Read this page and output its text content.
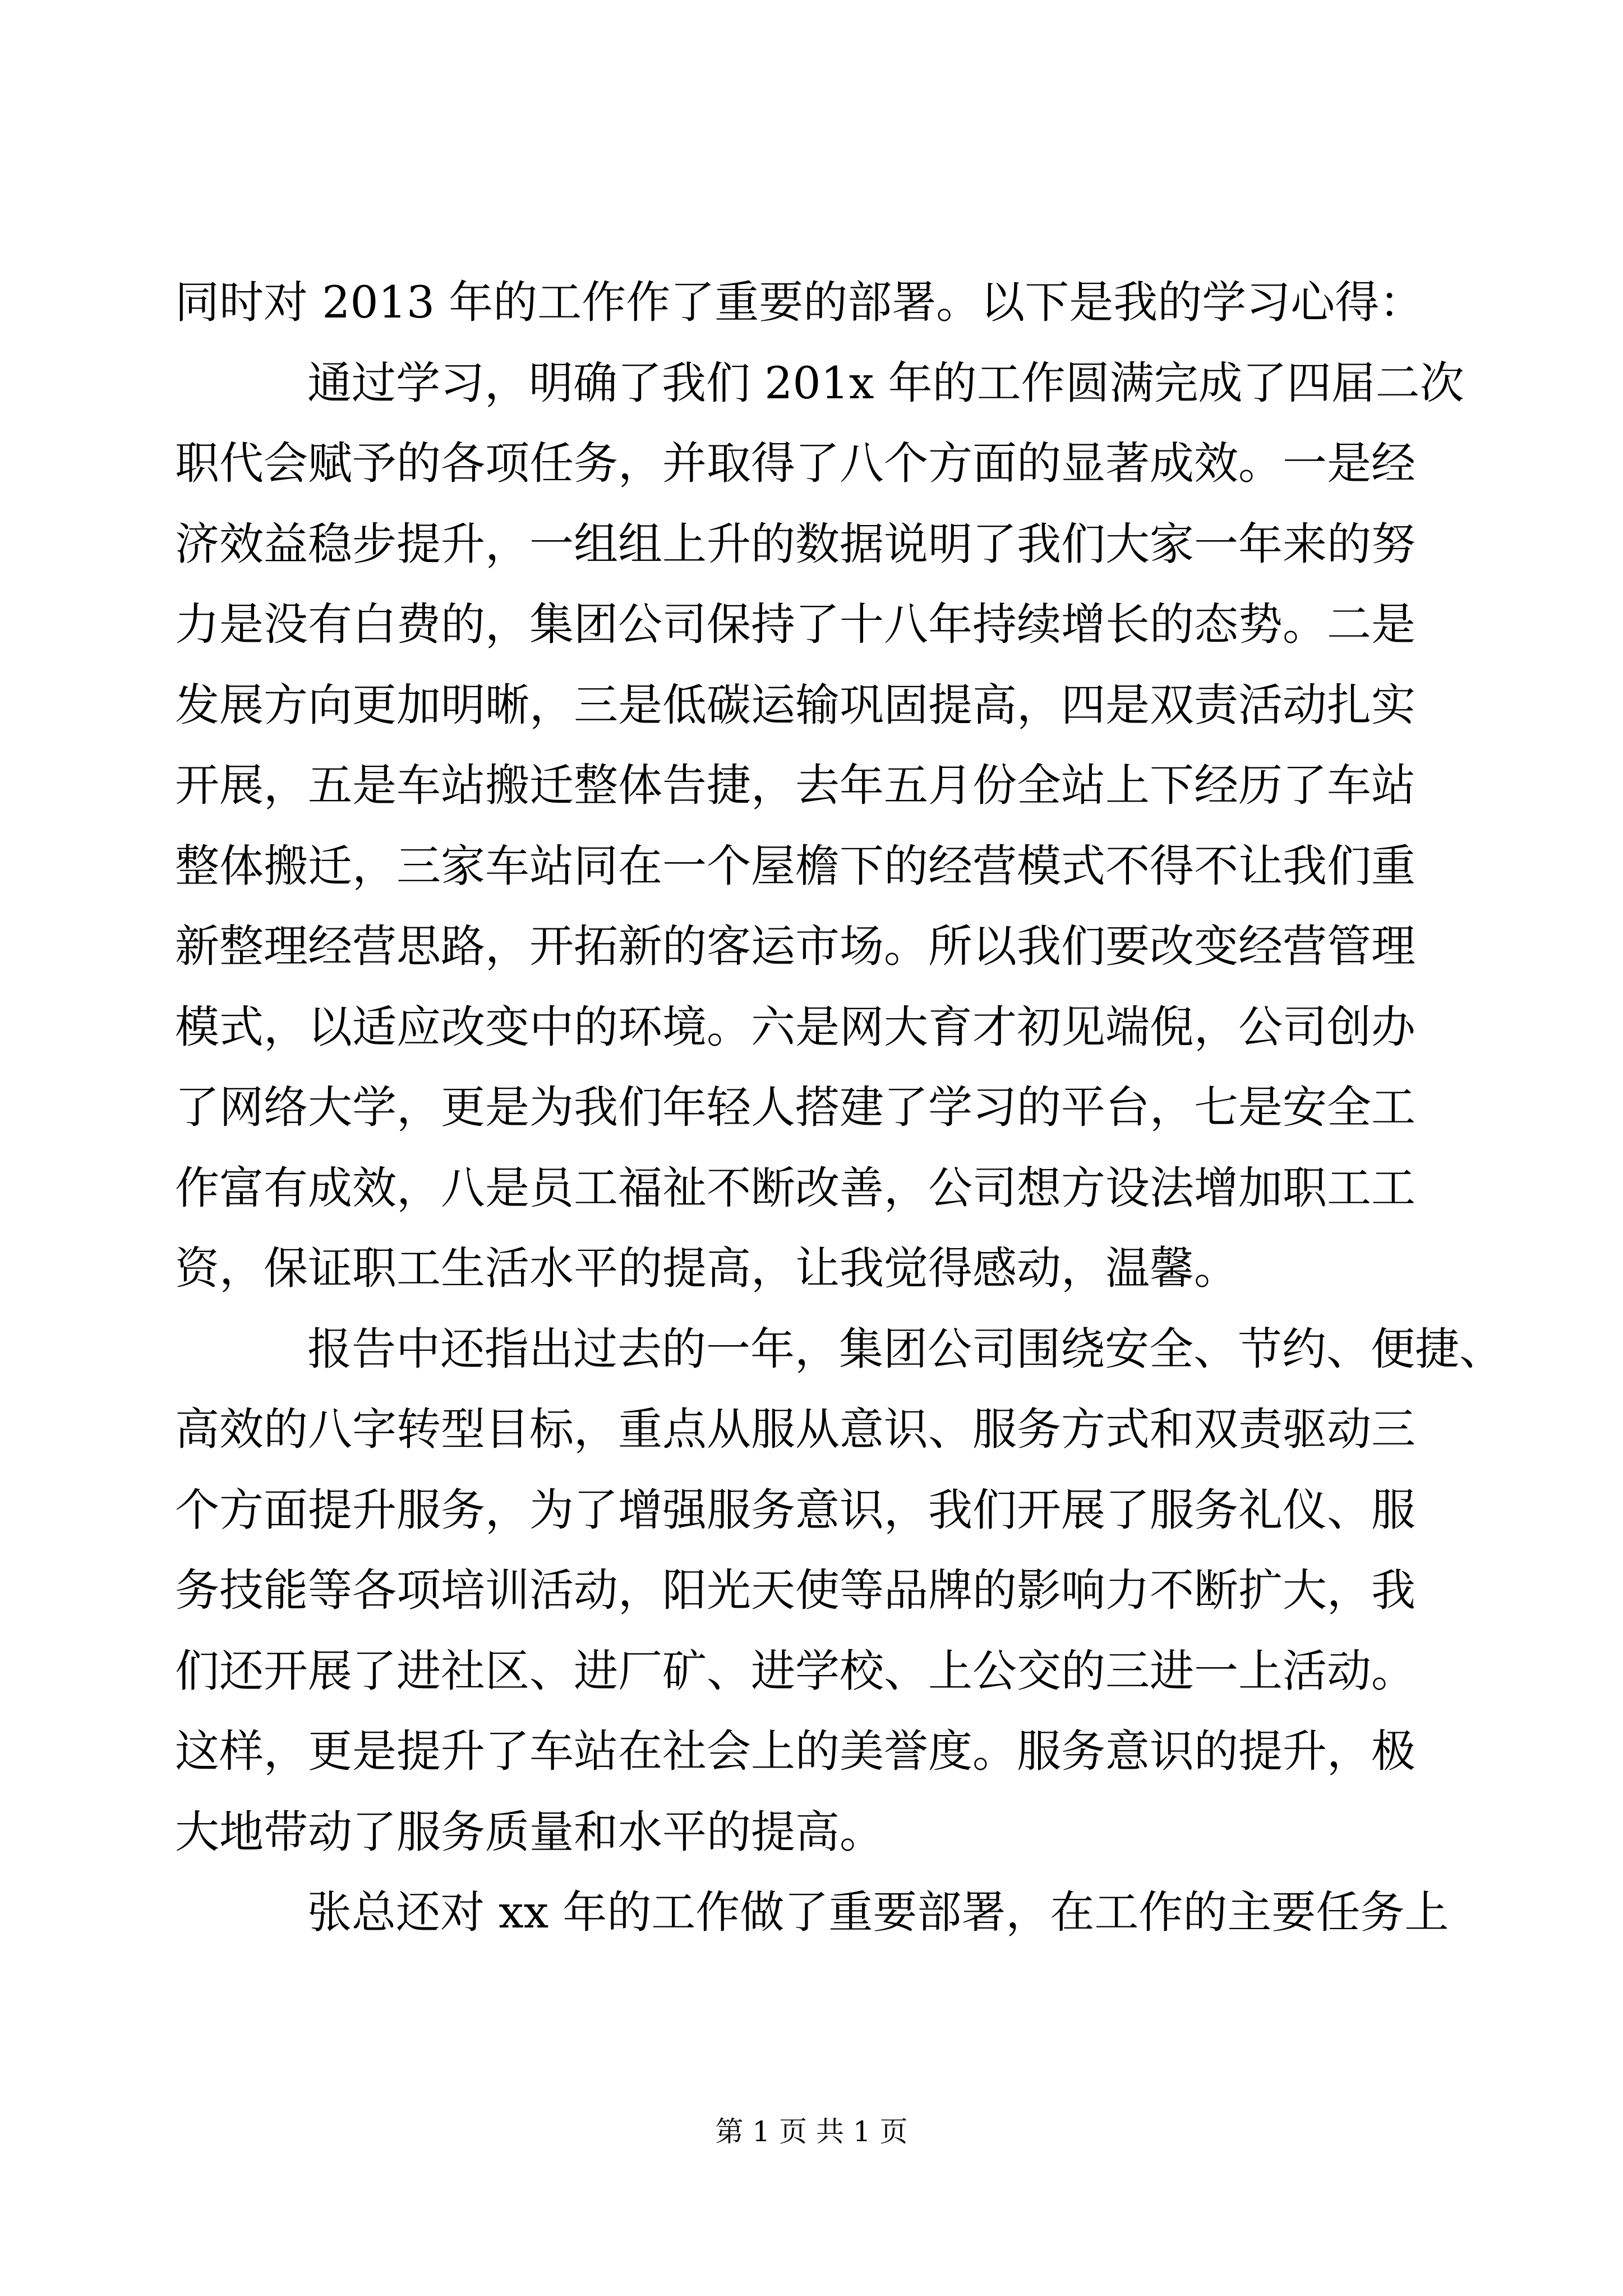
同时对 2013 年的工作作了重要的部署。以下是我的学习心得：
通过学习，明确了我们 201x 年的工作圆满完成了四届二次
职代会赋予的各项任务，并取得了八个方面的显著成效。一是经
济效益稳步提升，一组组上升的数据说明了我们大家一年来的努
力是没有白费的，集团公司保持了十八年持续增长的态势。二是
发展方向更加明晰，三是低碳运输巩固提高，四是双责活动扎实
开展，五是车站搬迁整体告捷，去年五月份全站上下经历了车站
整体搬迁，三家车站同在一个屋檐下的经营模式不得不让我们重
新整理经营思路，开拓新的客运市场。所以我们要改变经营管理
模式，以适应改变中的环境。六是网大育才初见端倪，公司创办
了网络大学，更是为我们年轻人搭建了学习的平台，七是安全工
作富有成效，八是员工福祉不断改善，公司想方设法增加职工工
资，保证职工生活水平的提高，让我觉得感动，温馨。
报告中还指出过去的一年，集团公司围绕安全、节约、便捷、
高效的八字转型目标，重点从服从意识、服务方式和双责驱动三
个方面提升服务，为了增强服务意识，我们开展了服务礼仪、服
务技能等各项培训活动，阳光天使等品牌的影响力不断扩大，我
们还开展了进社区、进厂矿、进学校、上公交的三进一上活动。
这样，更是提升了车站在社会上的美誉度。服务意识的提升，极
大地带动了服务质量和水平的提高。
张总还对 xx 年的工作做了重要部署，在工作的主要任务上
第 1 页 共 1 页
